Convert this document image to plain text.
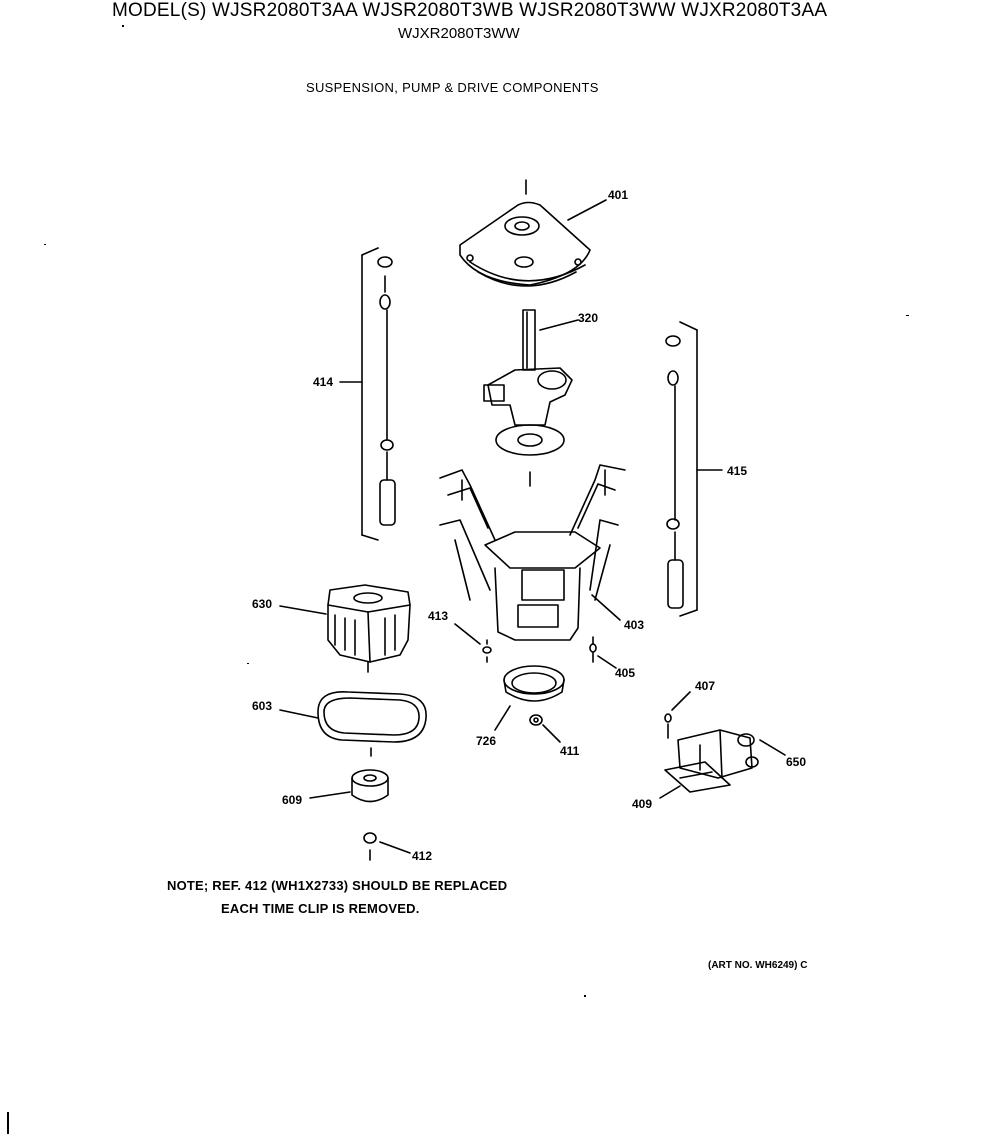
MODEL(S) WJSR2080T3AA WJSR2080T3WB WJSR2080T3WW WJXR2080T3AA
WJXR2080T3WW
SUSPENSION, PUMP & DRIVE COMPONENTS
401
320
414
415
630
413
403
405
407
603
726
411
650
609	409
412
NOTE; REF. 412 (WH1X2733) SHOULD BE REPLACED
EACH TIME CLIP IS REMOVED.
(ART NO. WH6249) C
